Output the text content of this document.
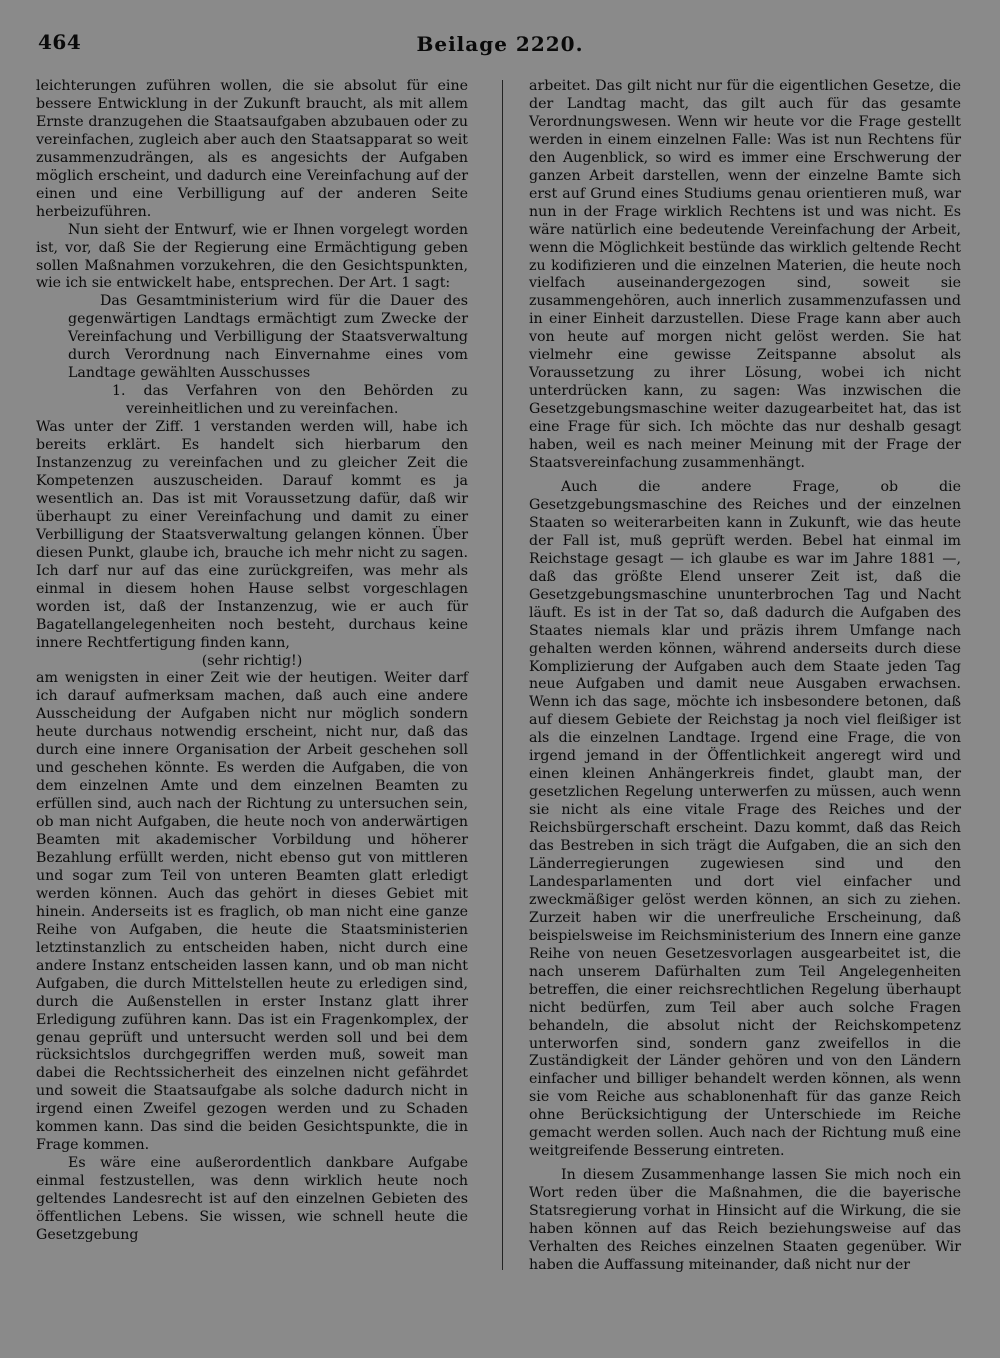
464	Beilage 2220.

leichterungen zuführen wollen, die sie absolut für eine bessere Entwicklung in der Zukunft braucht, als mit allem Ernste dranzugehen die Staatsaufgaben abzubauen oder zu vereinfachen, zugleich aber auch den Staatsapparat so weit zusammenzudrängen, als es angesichts der Aufgaben möglich erscheint, und dadurch eine Vereinfachung auf der einen und eine Verbilligung auf der anderen Seite herbeizuführen.

Nun sieht der Entwurf, wie er Ihnen vorgelegt worden ist, vor, daß Sie der Regierung eine Ermächtigung geben sollen Maßnahmen vorzukehren, die den Gesichtspunkten, wie ich sie entwickelt habe, entsprechen. Der Art. 1 sagt:

Das Gesamtministerium wird für die Dauer des gegenwärtigen Landtags ermächtigt zum Zwecke der Vereinfachung und Verbilligung der Staatsverwaltung durch Verordnung nach Einvernahme eines vom Landtage gewählten Ausschusses

1. das Verfahren von den Behörden zu vereinheitlichen und zu vereinfachen.

Was unter der Ziff. 1 verstanden werden will, habe ich bereits erklärt. Es handelt sich hierbarum den Instanzenzug zu vereinfachen und zu gleicher Zeit die Kompetenzen auszuscheiden. Darauf kommt es ja wesentlich an. Das ist mit Voraussetzung dafür, daß wir überhaupt zu einer Vereinfachung und damit zu einer Verbilligung der Staatsverwaltung gelangen können. Über diesen Punkt, glaube ich, brauche ich mehr nicht zu sagen. Ich darf nur auf das eine zurückgreifen, was mehr als einmal in diesem hohen Hause selbst vorgeschlagen worden ist, daß der Instanzenzug, wie er auch für Bagatellangelegenheiten noch besteht, durchaus keine innere Rechtfertigung finden kann,

(sehr richtig!)

am wenigsten in einer Zeit wie der heutigen. Weiter darf ich darauf aufmerksam machen, daß auch eine andere Ausscheidung der Aufgaben nicht nur möglich sondern heute durchaus notwendig erscheint, nicht nur, daß das durch eine innere Organisation der Arbeit geschehen soll und geschehen könnte. Es werden die Aufgaben, die von dem einzelnen Amte und dem einzelnen Beamten zu erfüllen sind, auch nach der Richtung zu untersuchen sein, ob man nicht Aufgaben, die heute noch von anderwärtigen Beamten mit akademischer Vorbildung und höherer Bezahlung erfüllt werden, nicht ebenso gut von mittleren und sogar zum Teil von unteren Beamten glatt erledigt werden können. Auch das gehört in dieses Gebiet mit hinein. Anderseits ist es fraglich, ob man nicht eine ganze Reihe von Aufgaben, die heute die Staatsministerien letztinstanzlich zu entscheiden haben, nicht durch eine andere Instanz entscheiden lassen kann, und ob man nicht Aufgaben, die durch Mittelstellen heute zu erledigen sind, durch die Außenstellen in erster Instanz glatt ihrer Erledigung zuführen kann. Das ist ein Fragenkomplex, der genau geprüft und untersucht werden soll und bei dem rücksichtslos durchgegriffen werden muß, soweit man dabei die Rechtssicherheit des einzelnen nicht gefährdet und soweit die Staatsaufgabe als solche dadurch nicht in irgend einen Zweifel gezogen werden und zu Schaden kommen kann. Das sind die beiden Gesichtspunkte, die in Frage kommen.

Es wäre eine außerordentlich dankbare Aufgabe einmal festzustellen, was denn wirklich heute noch geltendes Landesrecht ist auf den einzelnen Gebieten des öffentlichen Lebens. Sie wissen, wie schnell heute die Gesetzgebung

arbeitet. Das gilt nicht nur für die eigentlichen Gesetze, die der Landtag macht, das gilt auch für das gesamte Verordnungswesen. Wenn wir heute vor die Frage gestellt werden in einem einzelnen Falle: Was ist nun Rechtens für den Augenblick, so wird es immer eine Erschwerung der ganzen Arbeit darstellen, wenn der einzelne Bamte sich erst auf Grund eines Studiums genau orientieren muß, war nun in der Frage wirklich Rechtens ist und was nicht. Es wäre natürlich eine bedeutende Vereinfachung der Arbeit, wenn die Möglichkeit bestünde das wirklich geltende Recht zu kodifizieren und die einzelnen Materien, die heute noch vielfach auseinandergezogen sind, soweit sie zusammengehören, auch innerlich zusammenzufassen und in einer Einheit darzustellen. Diese Frage kann aber auch von heute auf morgen nicht gelöst werden. Sie hat vielmehr eine gewisse Zeitspanne absolut als Voraussetzung zu ihrer Lösung, wobei ich nicht unterdrücken kann, zu sagen: Was inzwischen die Gesetzgebungsmaschine weiter dazugearbeitet hat, das ist eine Frage für sich. Ich möchte das nur deshalb gesagt haben, weil es nach meiner Meinung mit der Frage der Staatsvereinfachung zusammenhängt.

Auch die andere Frage, ob die Gesetzgebungsmaschine des Reiches und der einzelnen Staaten so weiterarbeiten kann in Zukunft, wie das heute der Fall ist, muß geprüft werden. Bebel hat einmal im Reichstage gesagt — ich glaube es war im Jahre 1881 —, daß das größte Elend unserer Zeit ist, daß die Gesetzgebungsmaschine ununterbrochen Tag und Nacht läuft. Es ist in der Tat so, daß dadurch die Aufgaben des Staates niemals klar und präzis ihrem Umfange nach gehalten werden können, während anderseits durch diese Komplizierung der Aufgaben auch dem Staate jeden Tag neue Aufgaben und damit neue Ausgaben erwachsen. Wenn ich das sage, möchte ich insbesondere betonen, daß auf diesem Gebiete der Reichstag ja noch viel fleißiger ist als die einzelnen Landtage. Irgend eine Frage, die von irgend jemand in der Öffentlichkeit angeregt wird und einen kleinen Anhängerkreis findet, glaubt man, der gesetzlichen Regelung unterwerfen zu müssen, auch wenn sie nicht als eine vitale Frage des Reiches und der Reichsbürgerschaft erscheint. Dazu kommt, daß das Reich das Bestreben in sich trägt die Aufgaben, die an sich den Länderregierungen zugewiesen sind und den Landesparlamenten und dort viel einfacher und zweckmäßiger gelöst werden können, an sich zu ziehen. Zurzeit haben wir die unerfreuliche Erscheinung, daß beispielsweise im Reichsministerium des Innern eine ganze Reihe von neuen Gesetzesvorlagen ausgearbeitet ist, die nach unserem Dafürhalten zum Teil Angelegenheiten betreffen, die einer reichsrechtlichen Regelung überhaupt nicht bedürfen, zum Teil aber auch solche Fragen behandeln, die absolut nicht der Reichskompetenz unterworfen sind, sondern ganz zweifellos in die Zuständigkeit der Länder gehören und von den Ländern einfacher und billiger behandelt werden können, als wenn sie vom Reiche aus schablonenhaft für das ganze Reich ohne Berücksichtigung der Unterschiede im Reiche gemacht werden sollen. Auch nach der Richtung muß eine weitgreifende Besserung eintreten.

In diesem Zusammenhange lassen Sie mich noch ein Wort reden über die Maßnahmen, die die bayerische Statsregierung vorhat in Hinsicht auf die Wirkung, die sie haben können auf das Reich beziehungsweise auf das Verhalten des Reiches einzelnen Staaten gegenüber. Wir haben die Auffassung miteinander, daß nicht nur der
